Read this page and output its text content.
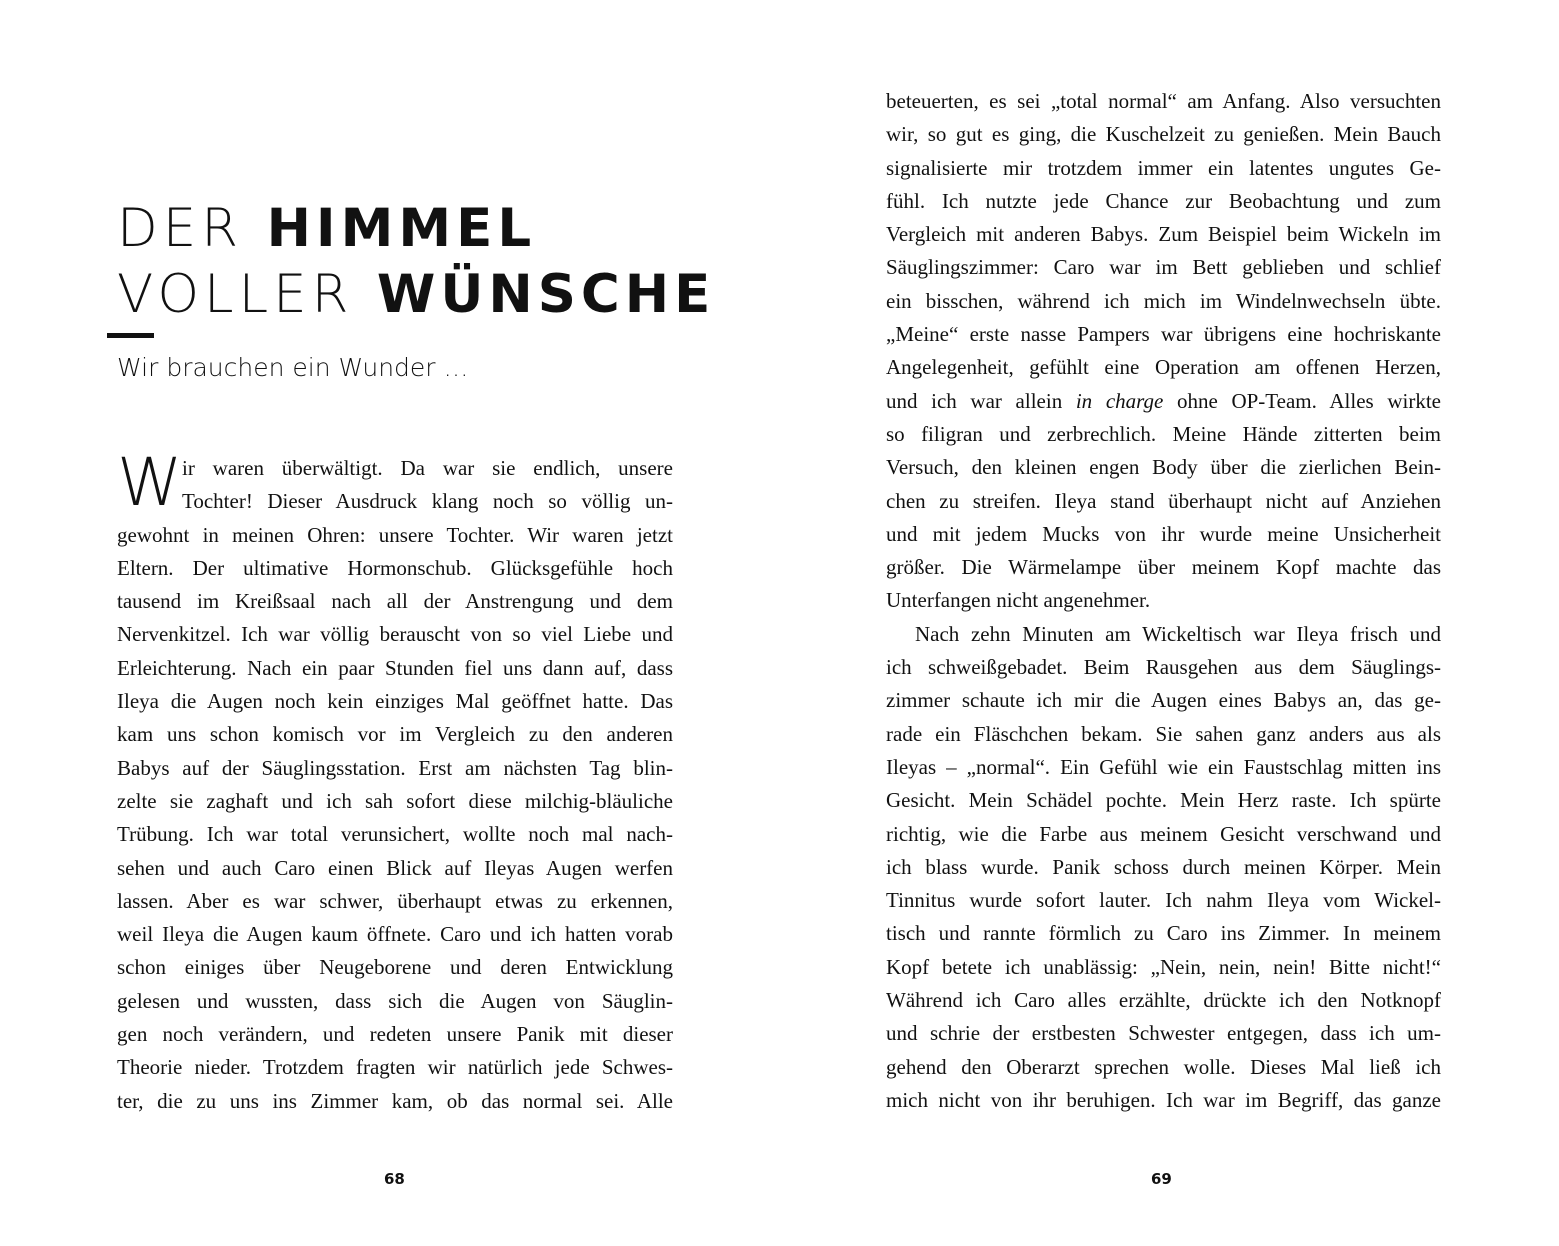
DER HIMMEL
VOLLER WÜNSCHE

Wir brauchen ein Wunder …

W ir waren überwältigt. Da war sie endlich, unsere
Tochter! Dieser Ausdruck klang noch so völlig un-
gewohnt in meinen Ohren: unsere Tochter. Wir waren jetzt
Eltern. Der ultimative Hormonschub. Glücksgefühle hoch
tausend im Kreißsaal nach all der Anstrengung und dem
Nervenkitzel. Ich war völlig berauscht von so viel Liebe und
Erleichterung. Nach ein paar Stunden fiel uns dann auf, dass
Ileya die Augen noch kein einziges Mal geöffnet hatte. Das
kam uns schon komisch vor im Vergleich zu den anderen
Babys auf der Säuglingsstation. Erst am nächsten Tag blin-
zelte sie zaghaft und ich sah sofort diese milchig-bläuliche
Trübung. Ich war total verunsichert, wollte noch mal nach-
sehen und auch Caro einen Blick auf Ileyas Augen werfen
lassen. Aber es war schwer, überhaupt etwas zu erkennen,
weil Ileya die Augen kaum öffnete. Caro und ich hatten vorab
schon einiges über Neugeborene und deren Entwicklung
gelesen und wussten, dass sich die Augen von Säuglin-
gen noch verändern, und redeten unsere Panik mit dieser
Theorie nieder. Trotzdem fragten wir natürlich jede Schwes-
ter, die zu uns ins Zimmer kam, ob das normal sei. Alle
68
beteuerten, es sei „total normal“ am Anfang. Also versuchten
wir, so gut es ging, die Kuschelzeit zu genießen. Mein Bauch
signalisierte mir trotzdem immer ein latentes ungutes Ge-
fühl. Ich nutzte jede Chance zur Beobachtung und zum
Vergleich mit anderen Babys. Zum Beispiel beim Wickeln im
Säuglingszimmer: Caro war im Bett geblieben und schlief
ein bisschen, während ich mich im Windelnwechseln übte.
„Meine“ erste nasse Pampers war übrigens eine hochriskante
Angelegenheit, gefühlt eine Operation am offenen Herzen,
und ich war allein in charge ohne OP-Team. Alles wirkte
so filigran und zerbrechlich. Meine Hände zitterten beim
Versuch, den kleinen engen Body über die zierlichen Bein-
chen zu streifen. Ileya stand überhaupt nicht auf Anziehen
und mit jedem Mucks von ihr wurde meine Unsicherheit
größer. Die Wärmelampe über meinem Kopf machte das
Unterfangen nicht angenehmer.
Nach zehn Minuten am Wickeltisch war Ileya frisch und
ich schweißgebadet. Beim Rausgehen aus dem Säuglings-
zimmer schaute ich mir die Augen eines Babys an, das ge-
rade ein Fläschchen bekam. Sie sahen ganz anders aus als
Ileyas – „normal“. Ein Gefühl wie ein Faustschlag mitten ins
Gesicht. Mein Schädel pochte. Mein Herz raste. Ich spürte
richtig, wie die Farbe aus meinem Gesicht verschwand und
ich blass wurde. Panik schoss durch meinen Körper. Mein
Tinnitus wurde sofort lauter. Ich nahm Ileya vom Wickel-
tisch und rannte förmlich zu Caro ins Zimmer. In meinem
Kopf betete ich unablässig: „Nein, nein, nein! Bitte nicht!“
Während ich Caro alles erzählte, drückte ich den Notknopf
und schrie der erstbesten Schwester entgegen, dass ich um-
gehend den Oberarzt sprechen wolle. Dieses Mal ließ ich
mich nicht von ihr beruhigen. Ich war im Begriff, das ganze
69
